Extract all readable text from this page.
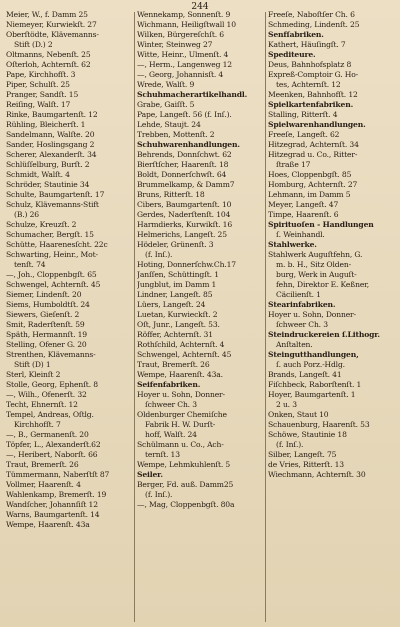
244
Meier, W., f. Damm 25
Niemeyer, Kurwiekſt. 27
Oberſtödte, Klävemanns-
Stift (D.) 2
Oltmanns, Nebenſt. 25
Oſterloh, Achternſt. 62
Pape, Kirchhofſt. 3
Piper, Schulſt. 25
Pranger, Sandſt. 15
Reiſing, Walſt. 17
Rinke, Baumgartenſt. 12
Rühling, Bleicherſt. 1
Sandelmann, Walſte. 20
Sander, Hoslingsgang 2
Scherer, Alexanderſt. 34
Schlüſſelburg, Burſt. 2
Schmidt, Walſt. 4
Schröder, Stautinie 34
Schulte, Baumgartenſt. 17
Schulz, Klävemanns-Stift
(B.) 26
Schulze, Kreuzſt. 2
Schumacher, Bergſt. 15
Schütte, Haarenesſcht. 22c
Schwarting, Heinr., Mot-
tenſt. 74
—, Joh., Cloppenbgſt. 65
Schwengel, Achternſt. 45
Siemer, Lindenſt. 20
Siems, Humboldtſt. 24
Siewers, Gieſenſt. 2
Smit, Raderſtenſt. 59
Späth, Hermannſt. 19
Stelling, Ofener G. 20
Strenthen, Klävemanns-
Stift (D) 1
Sterl, Kleinſt 2
Stolle, Georg, Ephenſt. 8
—, Wilh., Ofenerſt. 32
Techt, Ehnernſt. 12
Tempel, Andreas, Oſtlg.
Kirchhofſt. 7
—, B., Germanenſt. 20
Töpfer, L., Alexanderſt.62
—, Heribert, Naborſt. 66
Traut, Bremerſt. 26
Tümmermann, Naberſtſt 87
Vollmer, Haarenſt. 4
Wahlenkamp, Bremerſt. 19
Wandſcher, Johannſiſt 12
Warns, Baumgartenſt. 14
Wempe, Haarenſt. 43a
Wennekamp, Sonnenſt. 9
Wichmann, Heiligſtwall 10
Wilken, Bürgereſchſt. 6
Winter, Steinweg 27
Witte, Heinr., Ulmenſt. 4
—, Herm., Langenweg 12
—, Georg, Johannisſt. 4
Wrede, Walſt. 9
Schuhmacherartikelhandl.
Grabe, Gaiſſt. 5
Pape, Langeſt. 56 (f. Inſ.).
Lehde, Staujt. 24
Trebben, Mottenſt. 2
Schuhwarenhandlungen.
Behrends, Donnſchwt. 62
Bierſtſcher, Haarenſt. 18
Boldt, Donnerſchwſt. 64
Brummelkamp, & Damm7
Bruns, Ritterſt. 18
Cibers, Baumgartenſt. 10
Gerdes, Naderſtenſt. 104
Harmdierks, Kurwikſt. 16
Helmerichs, Langeſt. 25
Hödeler, Grünenſt. 3
(f. Inſ.).
Hoting, Donnerſchw.Ch.17
Janſſen, Schüttingſt. 1
Jungblut, im Damm 1
Lindner, Langeſt. 85
Lüers, Langeſt. 24
Luetan, Kurwieckſt. 2
Oſt, Junr., Langeſt. 53.
Röffer, Achternſt. 31
Rothſchild, Achternſt. 4
Schwengel, Achternſt. 45
Traut, Bremerſt. 26
Wempe, Haarenſt. 43a.
Seifenfabriken.
Hoyer u. Sohn, Donner-
ſchweer Ch. 3
Oldenburger Chemiſche
Fabrik H. W. Durſt-
hoff, Walſt. 24
Schülmann u. Co., Ach-
ternſt. 13
Wempe, Lehmkuhlenſt. 5
Seiler.
Berger, Fd. auß. Damm25
(f. Inſ.).
—, Mag, Cloppenbgſt. 80a
Freeſe, Naboſtſer Ch. 6
Schmeding, Lindenſt. 25
Senfſabriken.
Kathert, Häuſingſt. 7
Spediteure.
Deus, Bahnhofsplatz 8
Expreß-Comptoir G. Ho-
tes, Achternſt. 12
Meenken, Bahnhofſt. 12
Spielkartenfabriken.
Stalling, Ritterſt. 4
Spielwarenhandlungen.
Freeſe, Langeſt. 62
Hitzegrad, Achternſt. 34
Hitzegrad u. Co., Ritter-
ſtraße 17
Hoes, Cloppenbgſt. 85
Homburg, Achternſt. 27
Lehmann, im Damm 5
Meyer, Langeſt. 47
Timpe, Haarenſt. 6
Spirituoſen - Handlungen
ſ. Weinhandl.
Stahlwerke.
Stahlwerk Auguſtfehn, G.
m. b. H., Sitz Olden-
burg, Werk in Auguſt-
fehn, Direktor E. Keßner,
Cäcilienſt. 1
Stearinfabriken.
Hoyer u. Sohn, Donner-
ſchweer Ch. 3
Steindruckereien ſ.Lithogr.
Anſtalten.
Steingutthandlungen,
ſ. auch Porz.-Hdlg.
Brands, Langeſt. 41
Fiſchbeck, Raborſtenſt. 1
Hoyer, Baumgartenſt. 1
2 u. 3
Onken, Staut 10
Schauenburg, Haarenſt. 53
Schöwe, Stautinie 18
(f. Inſ.).
Silber, Langeſt. 75
de Vries, Ritterſt. 13
Wiechmann, Achternſt. 30
